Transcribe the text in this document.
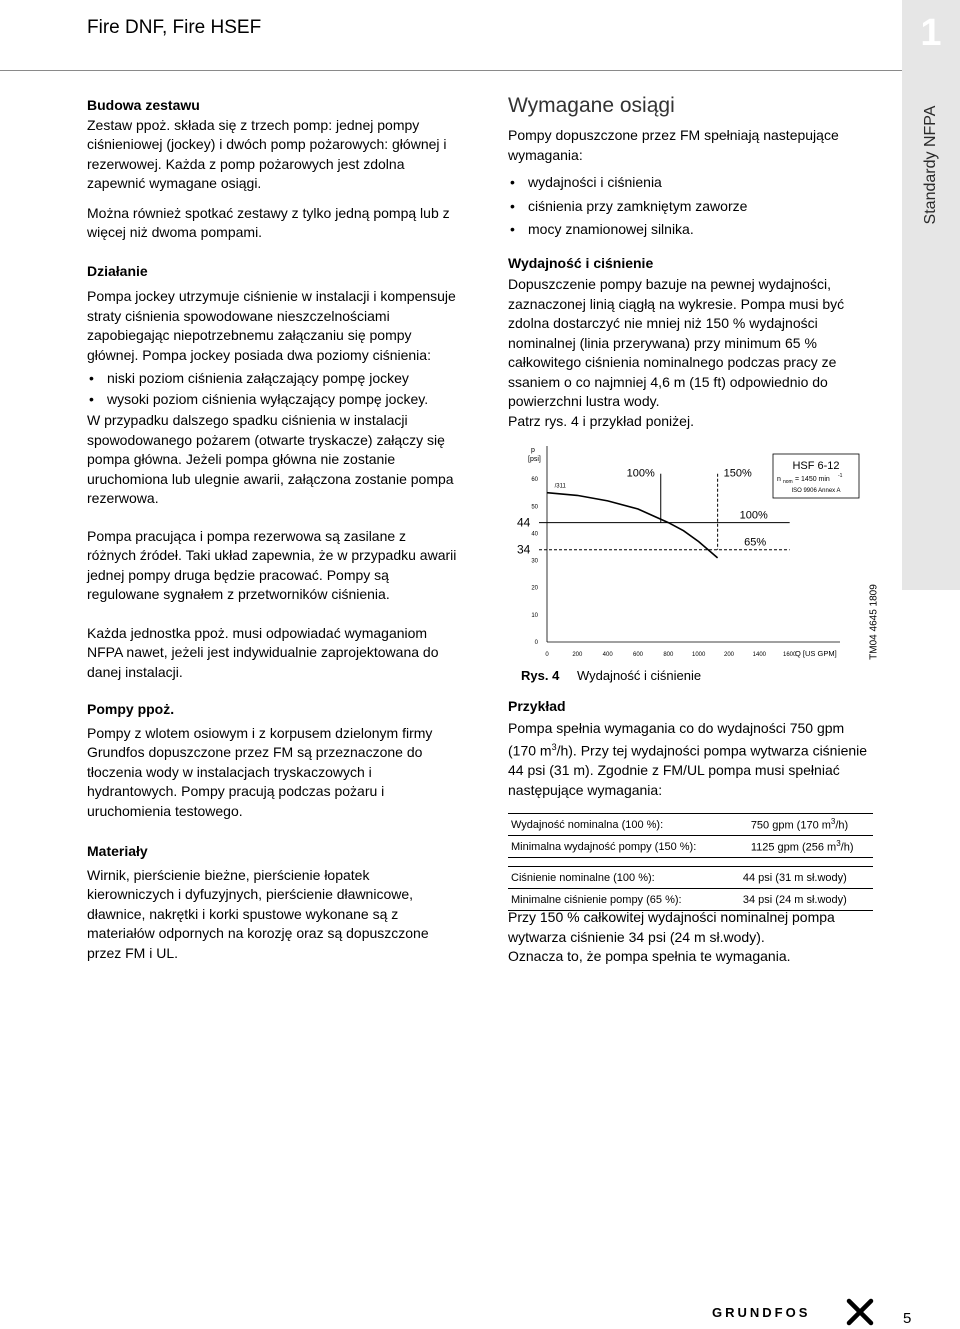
Fire DNF, Fire HSEF	1
Standardy NFPA

Budowa zestawu

Zestaw ppoż. składa się z trzech pomp: jednej pompy ciśnieniowej (jockey) i dwóch pomp pożarowych: głównej i rezerwowej. Każda z pomp pożarowych jest zdolna zapewnić wymagane osiągi.

Można również spotkać zestawy z tylko jedną pompą lub z więcej niż dwoma pompami.

Działanie

Pompa jockey utrzymuje ciśnienie w instalacji i kompensuje straty ciśnienia spowodowane nieszczelnościami zapobiegając niepotrzebnemu załączaniu się pompy głównej. Pompa jockey posiada dwa poziomy ciśnienia:

• niski poziom ciśnienia załączający pompę jockey

• wysoki poziom ciśnienia wyłączający pompę jockey.

W przypadku dalszego spadku ciśnienia w instalacji spowodowanego pożarem (otwarte tryskacze) załączy się pompa główna. Jeżeli pompa główna nie zostanie uruchomiona lub ulegnie awarii, załączona zostanie pompa rezerwowa.

Pompa pracująca i pompa rezerwowa są zasilane z różnych źródeł. Taki układ zapewnia, że w przypadku awarii jednej pompy druga będzie pracować. Pompy są regulowane sygnałem z przetworników ciśnienia.

Każda jednostka ppoż. musi odpowiadać wymaganiom NFPA nawet, jeżeli jest indywidualnie zaprojektowana do danej instalacji.

Pompy ppoż.

Pompy z wlotem osiowym i z korpusem dzielonym firmy Grundfos dopuszczone przez FM są przeznaczone do tłoczenia wody w instalacjach tryskaczowych i hydrantowych. Pompy pracują podczas pożaru i uruchomienia testowego.

Materiały

Wirnik, pierścienie bieżne, pierścienie łopatek kierowniczych i dyfuzyjnych, pierścienie dławnicowe, dławnice, nakrętki i korki spustowe wykonane są z materiałów odpornych na korozję oraz są dopuszczone przez FM i UL.

Wymagane osiągi

Pompy dopuszczone przez FM spełniają nastepujące wymagania:

• wydajności i ciśnienia

• ciśnienia przy zamkniętym zaworze

• mocy znamionowej silnika.

Wydajność i ciśnienie

Dopuszczenie pompy bazuje na pewnej wydajności, zaznaczonej linią ciągłą na wykresie. Pompa musi być zdolna dostarczyć nie mniej niż 150 % wydajności nominalnej (linia przerywana) przy minimum 65 % całkowitego ciśnienia nominalnego podczas pracy ze ssaniem o co najmniej 4,6 m (15 ft) odpowiednio do powierzchni lustra wody.

Patrz rys. 4 i przykład poniżej.

0
10
20
30
40
50
60
0	200	400	600	800	1000	200	1400	1600
p
[psi]
Q [US GPM]
44
34
100%	150%
100%
65%
/311
HSF 6-12
n nom = 1450 min -1
ISO 9906 Annex A
Rys. 4 Wydajność i ciśnienie
TM04 4645 1809

Przykład

Pompa spełnia wymagania co do wydajności 750 gpm (170 $m^3/h$). Przy tej wydajności pompa wytwarza ciśnienie 44 psi (31 m). Zgodnie z FM/UL pompa musi spełniać następujące wymagania:

Wydajność nominalna (100 %):	750 gpm (170 $m^3/h$)
Minimalna wydajność pompy (150 %):	1125 gpm (256 $m^3/h$)
Ciśnienie nominalne (100 %):	44 psi (31 m sł.wody)
Minimalne ciśnienie pompy (65 %):	34 psi (24 m sł.wody)

Przy 150 % całkowitej wydajności nominalnej pompa wytwarza ciśnienie 34 psi (24 m sł.wody).

Oznacza to, że pompa spełnia te wymagania.

GRUNDFOS	5
